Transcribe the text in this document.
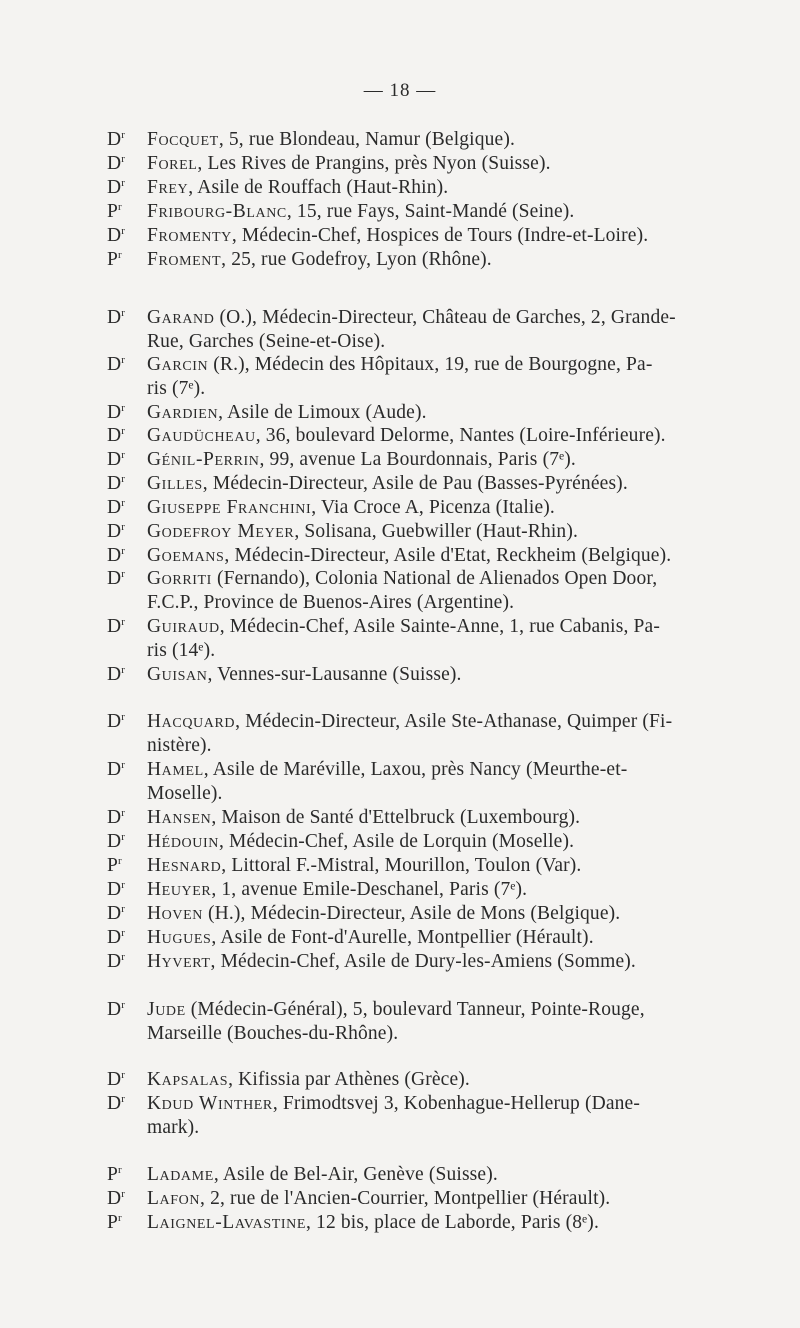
— 18 —
$D^r$ Focquet, 5, rue Blondeau, Namur (Belgique).
$D^r$ Forel, Les Rives de Prangins, près Nyon (Suisse).
$D^r$ Frey, Asile de Rouffach (Haut-Rhin).
$P^r$ Fribourg-Blanc, 15, rue Fays, Saint-Mandé (Seine).
$D^r$ Fromenty, Médecin-Chef, Hospices de Tours (Indre-et-Loire).
$P^r$ Froment, 25, rue Godefroy, Lyon (Rhône).
$D^r$ Garand (O.), Médecin-Directeur, Château de Garches, 2, Grande-
Rue, Garches (Seine-et-Oise).
$D^r$ Garcin (R.), Médecin des Hôpitaux, 19, rue de Bourgogne, Pa-
ris (7ᵉ).
$D^r$ Gardien, Asile de Limoux (Aude).
$D^r$ Gaudücheau, 36, boulevard Delorme, Nantes (Loire-Inférieure).
$D^r$ Génil-Perrin, 99, avenue La Bourdonnais, Paris (7ᵉ).
$D^r$ Gilles, Médecin-Directeur, Asile de Pau (Basses-Pyrénées).
$D^r$ Giuseppe Franchini, Via Croce A, Picenza (Italie).
$D^r$ Godefroy Meyer, Solisana, Guebwiller (Haut-Rhin).
$D^r$ Goemans, Médecin-Directeur, Asile d'Etat, Reckheim (Belgique).
$D^r$ Gorriti (Fernando), Colonia National de Alienados Open Door,
F.C.P., Province de Buenos-Aires (Argentine).
$D^r$ Guiraud, Médecin-Chef, Asile Sainte-Anne, 1, rue Cabanis, Pa-
ris (14ᵉ).
$D^r$ Guisan, Vennes-sur-Lausanne (Suisse).
$D^r$ Hacquard, Médecin-Directeur, Asile Ste-Athanase, Quimper (Fi-
nistère).
$D^r$ Hamel, Asile de Maréville, Laxou, près Nancy (Meurthe-et-
Moselle).
$D^r$ Hansen, Maison de Santé d'Ettelbruck (Luxembourg).
$D^r$ Hédouin, Médecin-Chef, Asile de Lorquin (Moselle).
$P^r$ Hesnard, Littoral F.-Mistral, Mourillon, Toulon (Var).
$D^r$ Heuyer, 1, avenue Emile-Deschanel, Paris (7ᵉ).
$D^r$ Hoven (H.), Médecin-Directeur, Asile de Mons (Belgique).
$D^r$ Hugues, Asile de Font-d'Aurelle, Montpellier (Hérault).
$D^r$ Hyvert, Médecin-Chef, Asile de Dury-les-Amiens (Somme).
$D^r$ Jude (Médecin-Général), 5, boulevard Tanneur, Pointe-Rouge,
Marseille (Bouches-du-Rhône).
$D^r$ Kapsalas, Kifissia par Athènes (Grèce).
$D^r$ Kdud Winther, Frimodtsvej 3, Kobenhague-Hellerup (Dane-
mark).
$P^r$ Ladame, Asile de Bel-Air, Genève (Suisse).
$D^r$ Lafon, 2, rue de l'Ancien-Courrier, Montpellier (Hérault).
$P^r$ Laignel-Lavastine, 12 bis, place de Laborde, Paris (8ᵉ).
